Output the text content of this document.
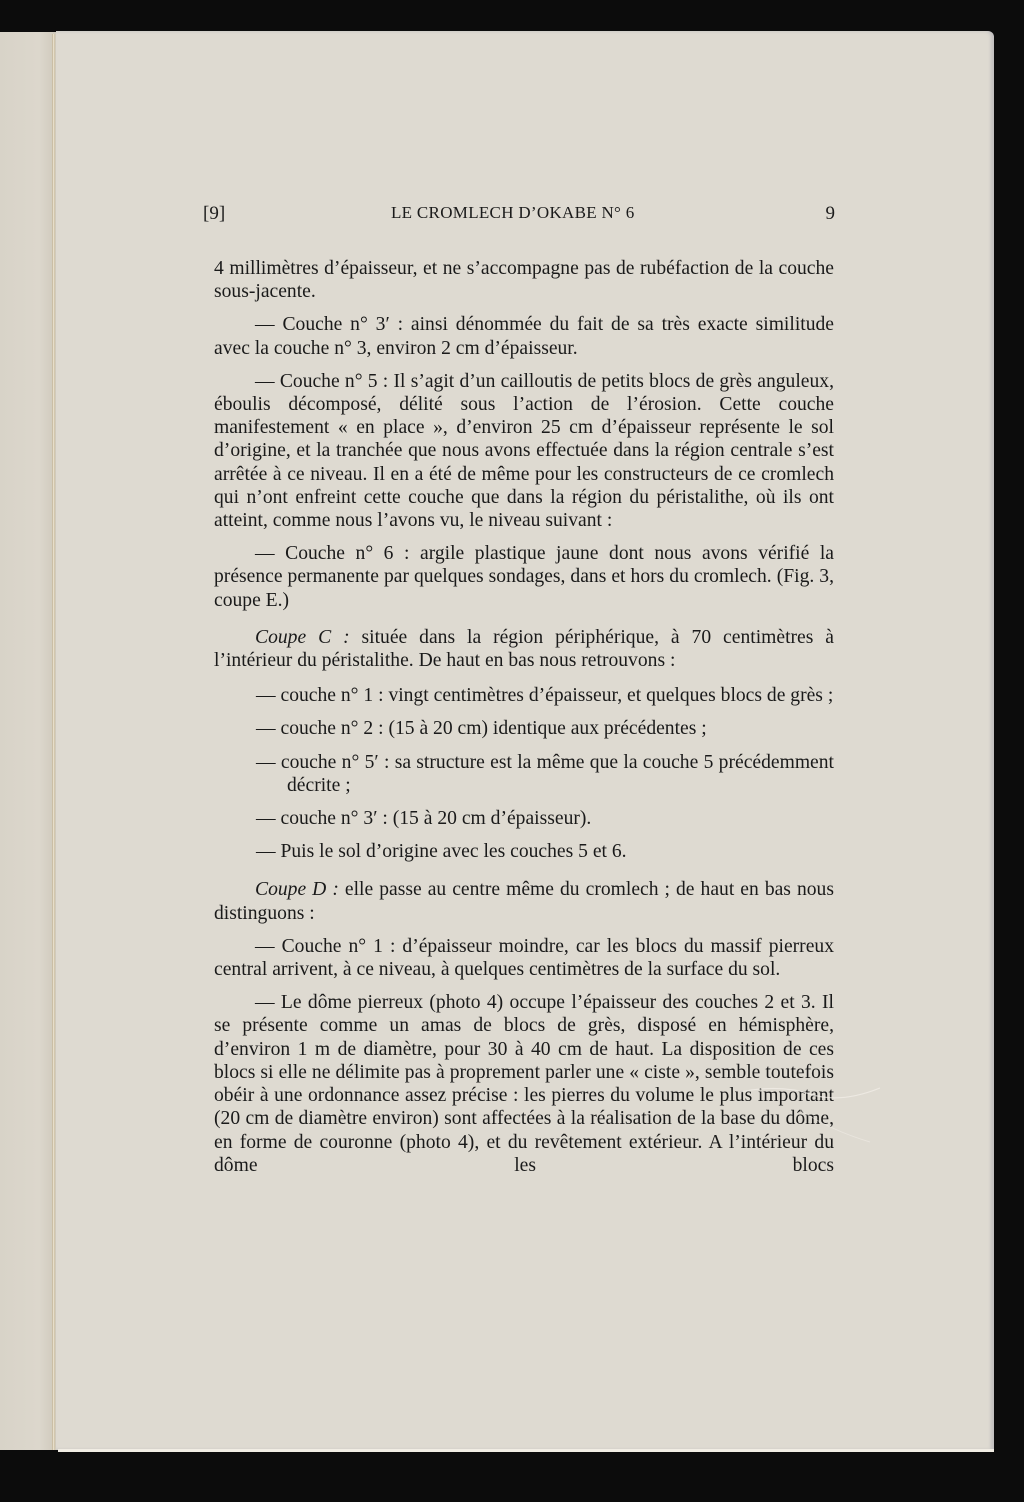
[9]	LE CROMLECH D’OKABE N° 6	9

4 millimètres d’épaisseur, et ne s’accompagne pas de rubéfaction de la couche sous-jacente.

— Couche n° 3′ : ainsi dénommée du fait de sa très exacte similitude avec la couche n° 3, environ 2 cm d’épaisseur.

— Couche n° 5 : Il s’agit d’un cailloutis de petits blocs de grès anguleux, éboulis décomposé, délité sous l’action de l’érosion. Cette couche manifestement « en place », d’environ 25 cm d’épaisseur représente le sol d’origine, et la tranchée que nous avons effectuée dans la région centrale s’est arrêtée à ce niveau. Il en a été de même pour les constructeurs de ce cromlech qui n’ont enfreint cette couche que dans la région du péristalithe, où ils ont atteint, comme nous l’avons vu, le niveau suivant :

— Couche n° 6 : argile plastique jaune dont nous avons vérifié la présence permanente par quelques sondages, dans et hors du cromlech. (Fig. 3, coupe E.)

Coupe C : située dans la région périphérique, à 70 centimètres à l’intérieur du péristalithe. De haut en bas nous retrouvons :

— couche n° 1 : vingt centimètres d’épaisseur, et quelques blocs de grès ;

— couche n° 2 : (15 à 20 cm) identique aux précédentes ;

— couche n° 5′ : sa structure est la même que la couche 5 précédemment décrite ;

— couche n° 3′ : (15 à 20 cm d’épaisseur).

— Puis le sol d’origine avec les couches 5 et 6.

Coupe D : elle passe au centre même du cromlech ; de haut en bas nous distinguons :

— Couche n° 1 : d’épaisseur moindre, car les blocs du massif pierreux central arrivent, à ce niveau, à quelques centimètres de la surface du sol.

— Le dôme pierreux (photo 4) occupe l’épaisseur des couches 2 et 3. Il se présente comme un amas de blocs de grès, disposé en hémisphère, d’environ 1 m de diamètre, pour 30 à 40 cm de haut. La disposition de ces blocs si elle ne délimite pas à proprement parler une « ciste », semble toutefois obéir à une ordonnance assez précise : les pierres du volume le plus important (20 cm de diamètre environ) sont affectées à la réalisation de la base du dôme, en forme de couronne (photo 4), et du revêtement extérieur. A l’intérieur du dôme les blocs
